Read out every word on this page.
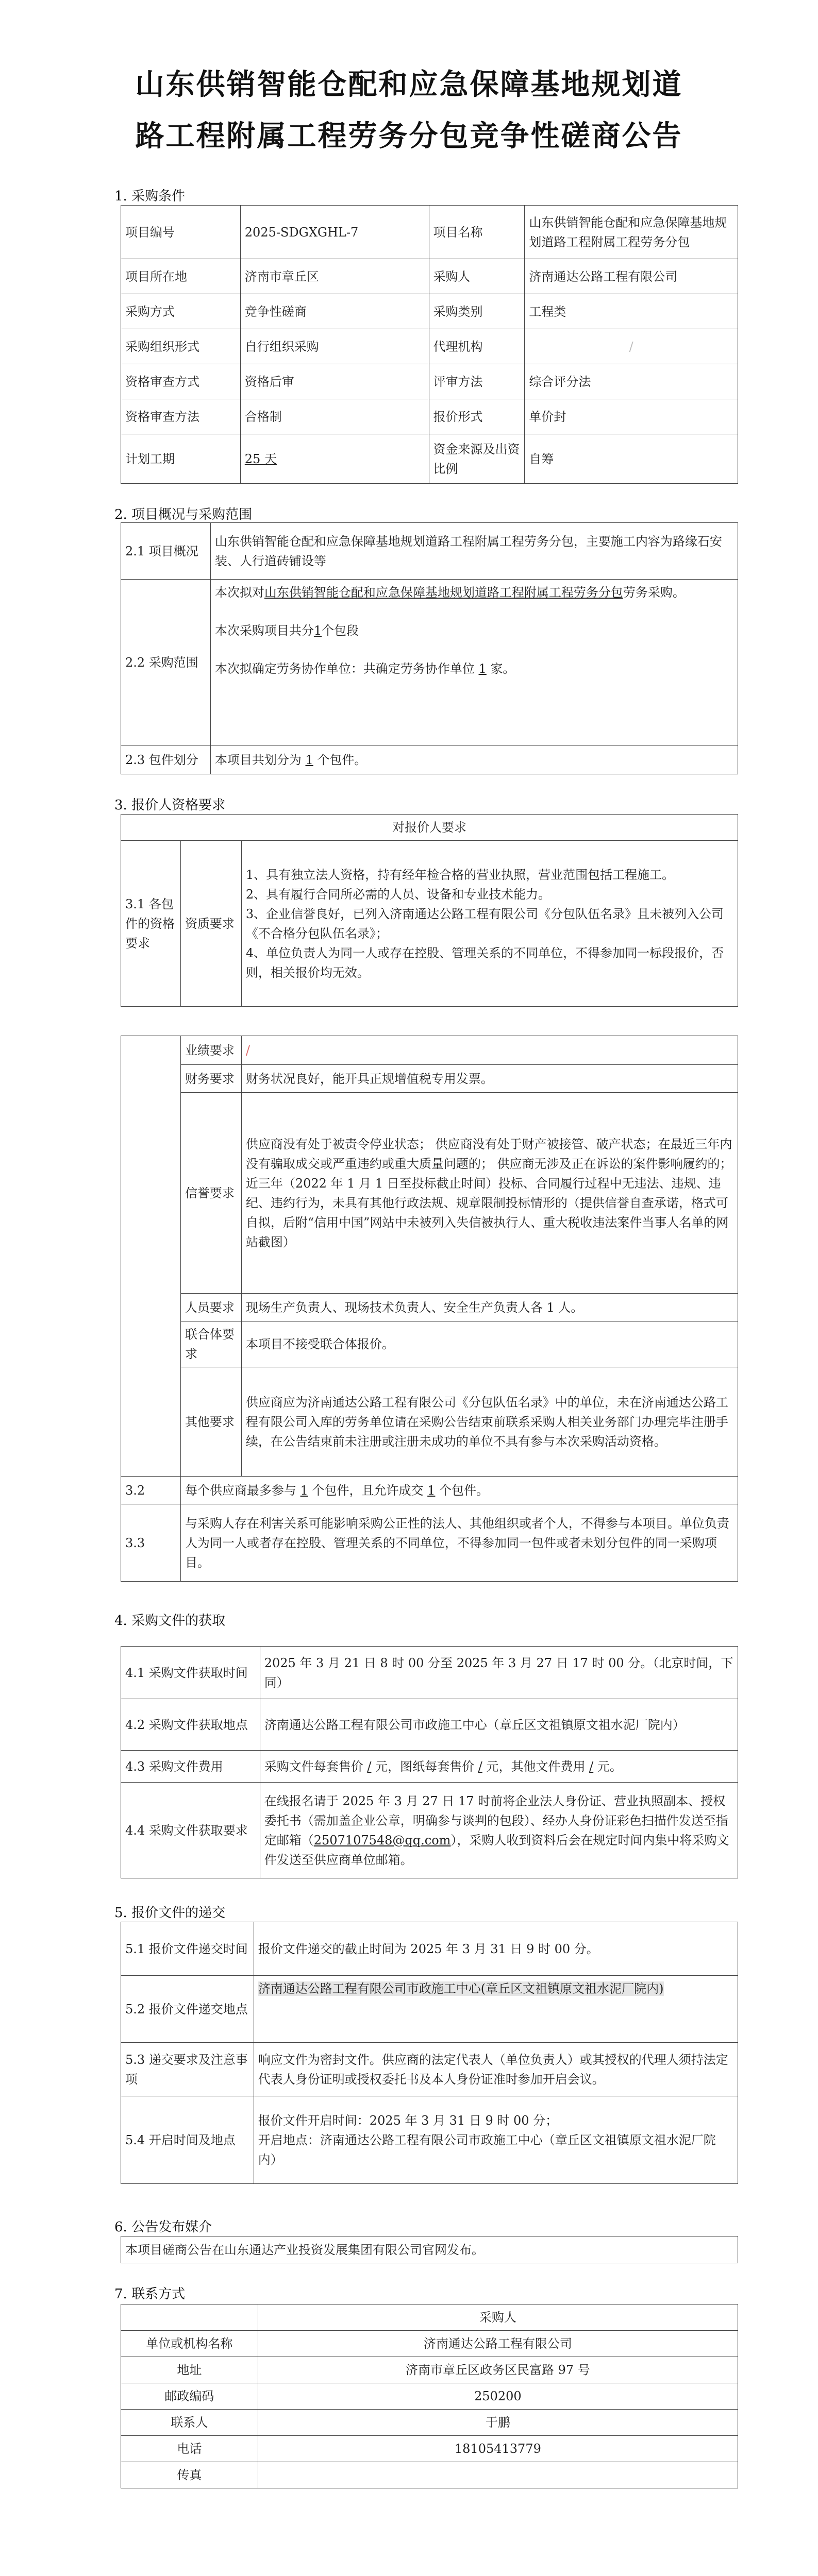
山东供销智能仓配和应急保障基地规划道
路工程附属工程劳务分包竞争性磋商公告
1. 采购条件
项目编号	2025-SDGXGHL-7	项目名称	山东供销智能仓配和应急保障基地规划道路工程附属工程劳务分包
项目所在地	济南市章丘区	采购人	济南通达公路工程有限公司
采购方式	竞争性磋商	采购类别	工程类
采购组织形式	自行组织采购	代理机构	/
资格审查方式	资格后审	评审方法	综合评分法
资格审查方法	合格制	报价形式	单价封
计划工期	25 天	资金来源及出资比例	自筹
2. 项目概况与采购范围
2.1 项目概况	山东供销智能仓配和应急保障基地规划道路工程附属工程劳务分包，主要施工内容为路缘石安装、人行道砖铺设等
2.2 采购范围	本次拟对山东供销智能仓配和应急保障基地规划道路工程附属工程劳务分包劳务采购。

本次采购项目共分1个包段

本次拟确定劳务协作单位：共确定劳务协作单位 1 家。

2.3 包件划分	本项目共划分为 1 个包件。
3. 报价人资格要求
对报价人要求
3.1 各包件的资格要求	资质要求	

1、具有独立法人资格，持有经年检合格的营业执照，营业范围包括工程施工。

2、具有履行合同所必需的人员、设备和专业技术能力。

3、企业信誉良好，已列入济南通达公路工程有限公司《分包队伍名录》且未被列入公司《不合格分包队伍名录》；

4、单位负责人为同一人或存在控股、管理关系的不同单位，不得参加同一标段报价，否则，相关报价均无效。

	业绩要求	/
	财务要求	财务状况良好，能开具正规增值税专用发票。
	信誉要求	供应商没有处于被责令停业状态； 供应商没有处于财产被接管、破产状态；在最近三年内没有骗取成交或严重违约或重大质量问题的； 供应商无涉及正在诉讼的案件影响履约的； 近三年（2022 年 1 月 1 日至投标截止时间）投标、合同履行过程中无违法、违规、违纪、违约行为，未具有其他行政法规、规章限制投标情形的（提供信誉自查承诺，格式可自拟，后附“信用中国”网站中未被列入失信被执行人、重大税收违法案件当事人名单的网站截图）
	人员要求	现场生产负责人、现场技术负责人、安全生产负责人各 1 人。
	联合体要求	本项目不接受联合体报价。
	其他要求	供应商应为济南通达公路工程有限公司《分包队伍名录》中的单位，未在济南通达公路工程有限公司入库的劳务单位请在采购公告结束前联系采购人相关业务部门办理完毕注册手续，在公告结束前未注册或注册未成功的单位不具有参与本次采购活动资格。
3.2	每个供应商最多参与 1 个包件，且允许成交 1 个包件。	
3.3	与采购人存在利害关系可能影响采购公正性的法人、其他组织或者个人，不得参与本项目。单位负责人为同一人或者存在控股、管理关系的不同单位，不得参加同一包件或者未划分包件的同一采购项目。	
4. 采购文件的获取
4.1 采购文件获取时间	2025 年 3 月 21 日 8 时 00 分至 2025 年 3 月 27 日 17 时 00 分。（北京时间，下同）
4.2 采购文件获取地点	济南通达公路工程有限公司市政施工中心（章丘区文祖镇原文祖水泥厂院内）
4.3 采购文件费用	采购文件每套售价 / 元，图纸每套售价 / 元，其他文件费用 / 元。
4.4 采购文件获取要求	在线报名请于 2025 年 3 月 27 日 17 时前将企业法人身份证、营业执照副本、授权委托书（需加盖企业公章，明确参与谈判的包段）、经办人身份证彩色扫描件发送至指定邮箱（2507107548@qq.com），采购人收到资料后会在规定时间内集中将采购文件发送至供应商单位邮箱。
5. 报价文件的递交
5.1 报价文件递交时间	报价文件递交的截止时间为 2025 年 3 月 31 日 9 时 00 分。
5.2 报价文件递交地点	济南通达公路工程有限公司市政施工中心(章丘区文祖镇原文祖水泥厂院内)
5.3 递交要求及注意事项	响应文件为密封文件。供应商的法定代表人（单位负责人）或其授权的代理人须持法定代表人身份证明或授权委托书及本人身份证准时参加开启会议。
5.4 开启时间及地点	报价文件开启时间：2025 年 3 月 31 日 9 时 00 分；

开启地点：济南通达公路工程有限公司市政施工中心（章丘区文祖镇原文祖水泥厂院内）

6. 公告发布媒介
本项目磋商公告在山东通达产业投资发展集团有限公司官网发布。
7. 联系方式
	采购人
单位或机构名称	济南通达公路工程有限公司
地址	济南市章丘区政务区民富路 97 号
邮政编码	250200
联系人	于鹏
电话	18105413779
传真	
